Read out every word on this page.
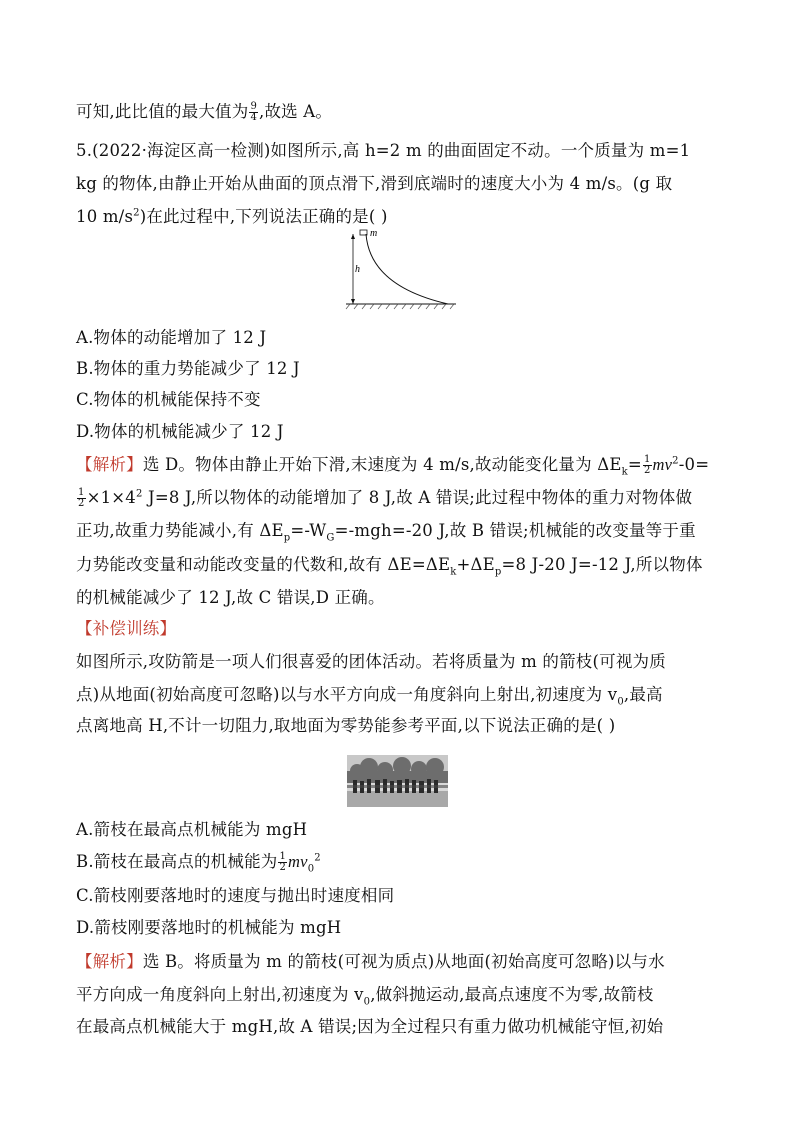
可知,此比值的最大值为 $\frac{9}{4}$ ,故选 A。
5.(2022·海淀区高一检测)如图所示,高 h=2 m 的曲面固定不动。一个质量为 m=1
kg 的物体,由静止开始从曲面的顶点滑下,滑到底端时的速度大小为 4 m/s。(g 取
10 $m/s^2$)在此过程中,下列说法正确的是( )
m
h
A.物体的动能增加了 12 J
B.物体的重力势能减少了 12 J
C.物体的机械能保持不变
D.物体的机械能减少了 12 J
【解析】选 D。物体由静止开始下滑,末速度为 4 m/s,故动能变化量为 $\Delta E_k= \frac{1}{2} mv^2-0=$
$\frac{1}{2} \times 1\times 4^2$ J=8 J,所以物体的动能增加了 8 J,故 A 错误;此过程中物体的重力对物体做
正功,故重力势能减小,有 $\Delta E_p=-W_G=-mgh=-20$ J,故 B 错误;机械能的改变量等于重
力势能改变量和动能改变量的代数和,故有 $\Delta E=\Delta E_k+\Delta E_p=8$ J-20 J=-12 J,所以物体
的机械能减少了 12 J,故 C 错误,D 正确。
【补偿训练】
如图所示,攻防箭是一项人们很喜爱的团体活动。若将质量为 m 的箭枝(可视为质
点)从地面(初始高度可忽略)以与水平方向成一角度斜向上射出,初速度为 $v_0$,最高
点离地高 H,不计一切阻力,取地面为零势能参考平面,以下说法正确的是( )
A.箭枝在最高点机械能为 mgH
B.箭枝在最高点的机械能为 $\frac{1}{2} mv_0^2$
C.箭枝刚要落地时的速度与抛出时速度相同
D.箭枝刚要落地时的机械能为 mgH
【解析】选 B。将质量为 m 的箭枝(可视为质点)从地面(初始高度可忽略)以与水
平方向成一角度斜向上射出,初速度为 $v_0$,做斜抛运动,最高点速度不为零,故箭枝
在最高点机械能大于 mgH,故 A 错误;因为全过程只有重力做功机械能守恒,初始
